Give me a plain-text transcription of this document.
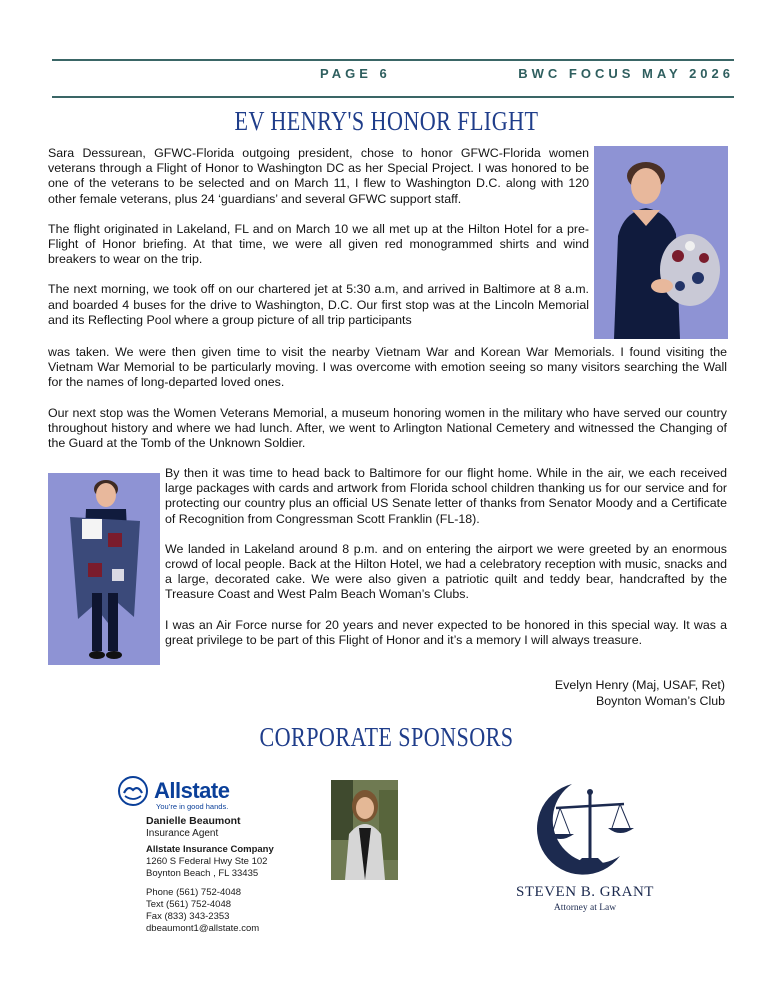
PAGE 6	BWC FOCUS MAY 2026
EV HENRY'S HONOR FLIGHT

Sara Dessurean, GFWC-Florida outgoing president, chose to honor GFWC-Florida women veterans through a Flight of Honor to Washington DC as her Special Project. I was honored to be one of the veterans to be selected and on March 11, I flew to Washington D.C. along with 120 other female veterans, plus 24 ‘guardians’ and several GFWC support staff.

The flight originated in Lakeland, FL and on March 10 we all met up at the Hilton Hotel for a pre-Flight of Honor briefing. At that time, we were all given red monogrammed shirts and wind breakers to wear on the trip.

The next morning, we took off on our chartered jet at 5:30 a.m, and arrived in Baltimore at 8 a.m. and boarded 4 buses for the drive to Washington, D.C. Our first stop was at the Lincoln Memorial and its Reflecting Pool where a group picture of all trip participants

was taken. We were then given time to visit the nearby Vietnam War and Korean War Memorials. I found visiting the Vietnam War Memorial to be particularly moving. I was overcome with emotion seeing so many visitors searching the Wall for the names of long-departed loved ones.

Our next stop was the Women Veterans Memorial, a museum honoring women in the military who have served our country throughout history and where we had lunch. After, we went to Arlington National Cemetery and witnessed the Changing of the Guard at the Tomb of the Unknown Soldier.

By then it was time to head back to Baltimore for our flight home. While in the air, we each received large packages with cards and artwork from Florida school children thanking us for our service and for protecting our country plus an official US Senate letter of thanks from Senator Moody and a Certificate of Recognition from Congressman Scott Franklin (FL-18).

We landed in Lakeland around 8 p.m. and on entering the airport we were greeted by an enormous crowd of local people. Back at the Hilton Hotel, we had a celebratory reception with music, snacks and a large, decorated cake. We were also given a patriotic quilt and teddy bear, handcrafted by the Treasure Coast and West Palm Beach Woman’s Clubs.

I was an Air Force nurse for 20 years and never expected to be honored in this special way. It was a great privilege to be part of this Flight of Honor and it’s a memory I will always treasure.

Evelyn Henry (Maj, USAF, Ret)
Boynton Woman’s Club
CORPORATE SPONSORS
Allstate
You’re in good hands.
Danielle Beaumont
Insurance Agent
Allstate Insurance Company
1260 S Federal Hwy Ste 102
Boynton Beach , FL 33435
Phone (561) 752-4048
Text (561) 752-4048
Fax (833) 343-2353
dbeaumont1@allstate.com
STEVEN B. GRANT
Attorney at Law
